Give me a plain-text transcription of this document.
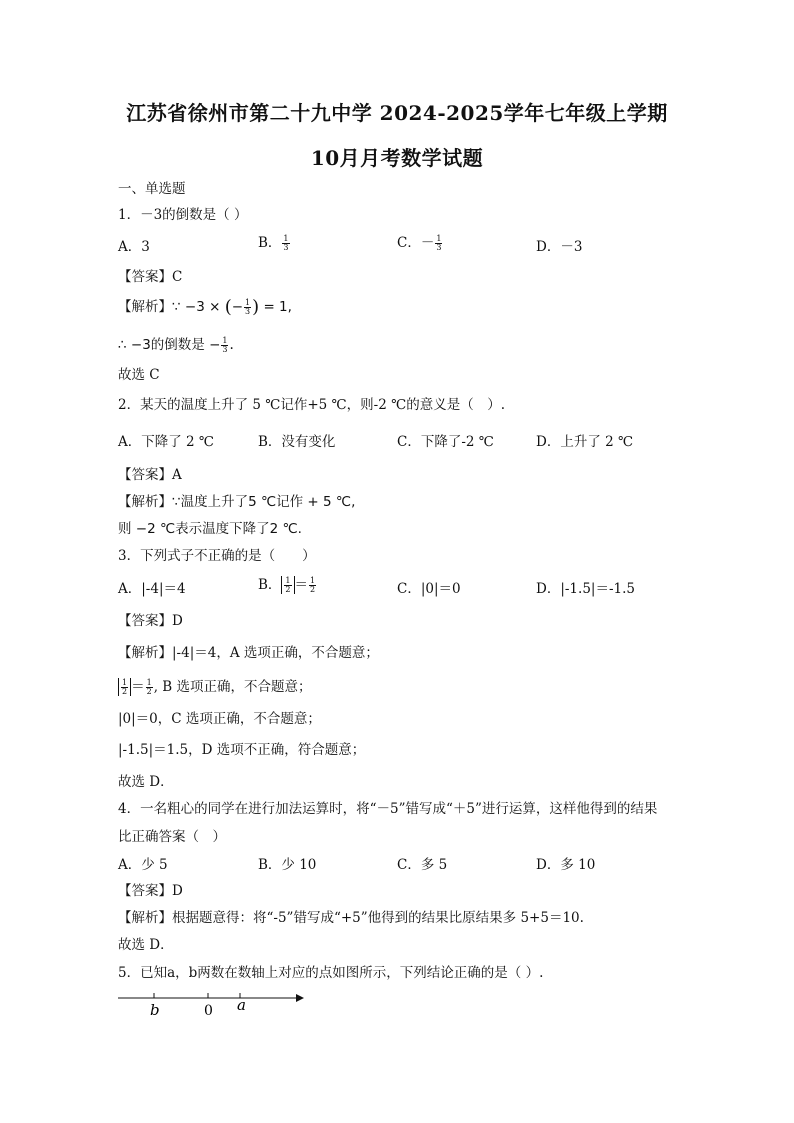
江苏省徐州市第二十九中学 2024-2025学年七年级上学期
10月月考数学试题
一、单选题
1．－3的倒数是（ ）
A．3	B． $\frac{1}{3}$	C．－ $\frac{1}{3}$	D．－3
【答案】C
【解析】∵ −3 × (− $\frac{1}{3}$ ) = 1,
∴ −3的倒数是 − $\frac{1}{3}$ .
故选 C
2．某天的温度上升了 5 ℃记作+5 ℃，则-2 ℃的意义是（　）.
A．下降了 2 ℃	B．没有变化	C．下降了-2 ℃	D．上升了 2 ℃
【答案】A
【解析】∵温度上升了5 ℃记作 + 5 ℃,
则 −2 ℃表示温度下降了2 ℃.
3．下列式子不正确的是（　　）
A．|-4|＝4	B． $\frac{1}{2} = \frac{1}{2}$	C．|0|＝0	D．|-1.5|＝-1.5
【答案】D
【解析】|-4|＝4，A 选项正确，不合题意；
$\frac{1}{2} = \frac{1}{2}$ , B 选项正确，不合题意；
|0|＝0，C 选项正确，不合题意；
|-1.5|＝1.5，D 选项不正确，符合题意；
故选 D．
4．一名粗心的同学在进行加法运算时，将“－5”错写成“＋5”进行运算，这样他得到的结果
比正确答案（　）
A．少 5	B．少 10	C．多 5	D．多 10
【答案】D
【解析】根据题意得：将“-5”错写成“+5”他得到的结果比原结果多 5+5＝10.
故选 D．
5．已知a，b两数在数轴上对应的点如图所示，下列结论正确的是（ ）.
b	0 a
